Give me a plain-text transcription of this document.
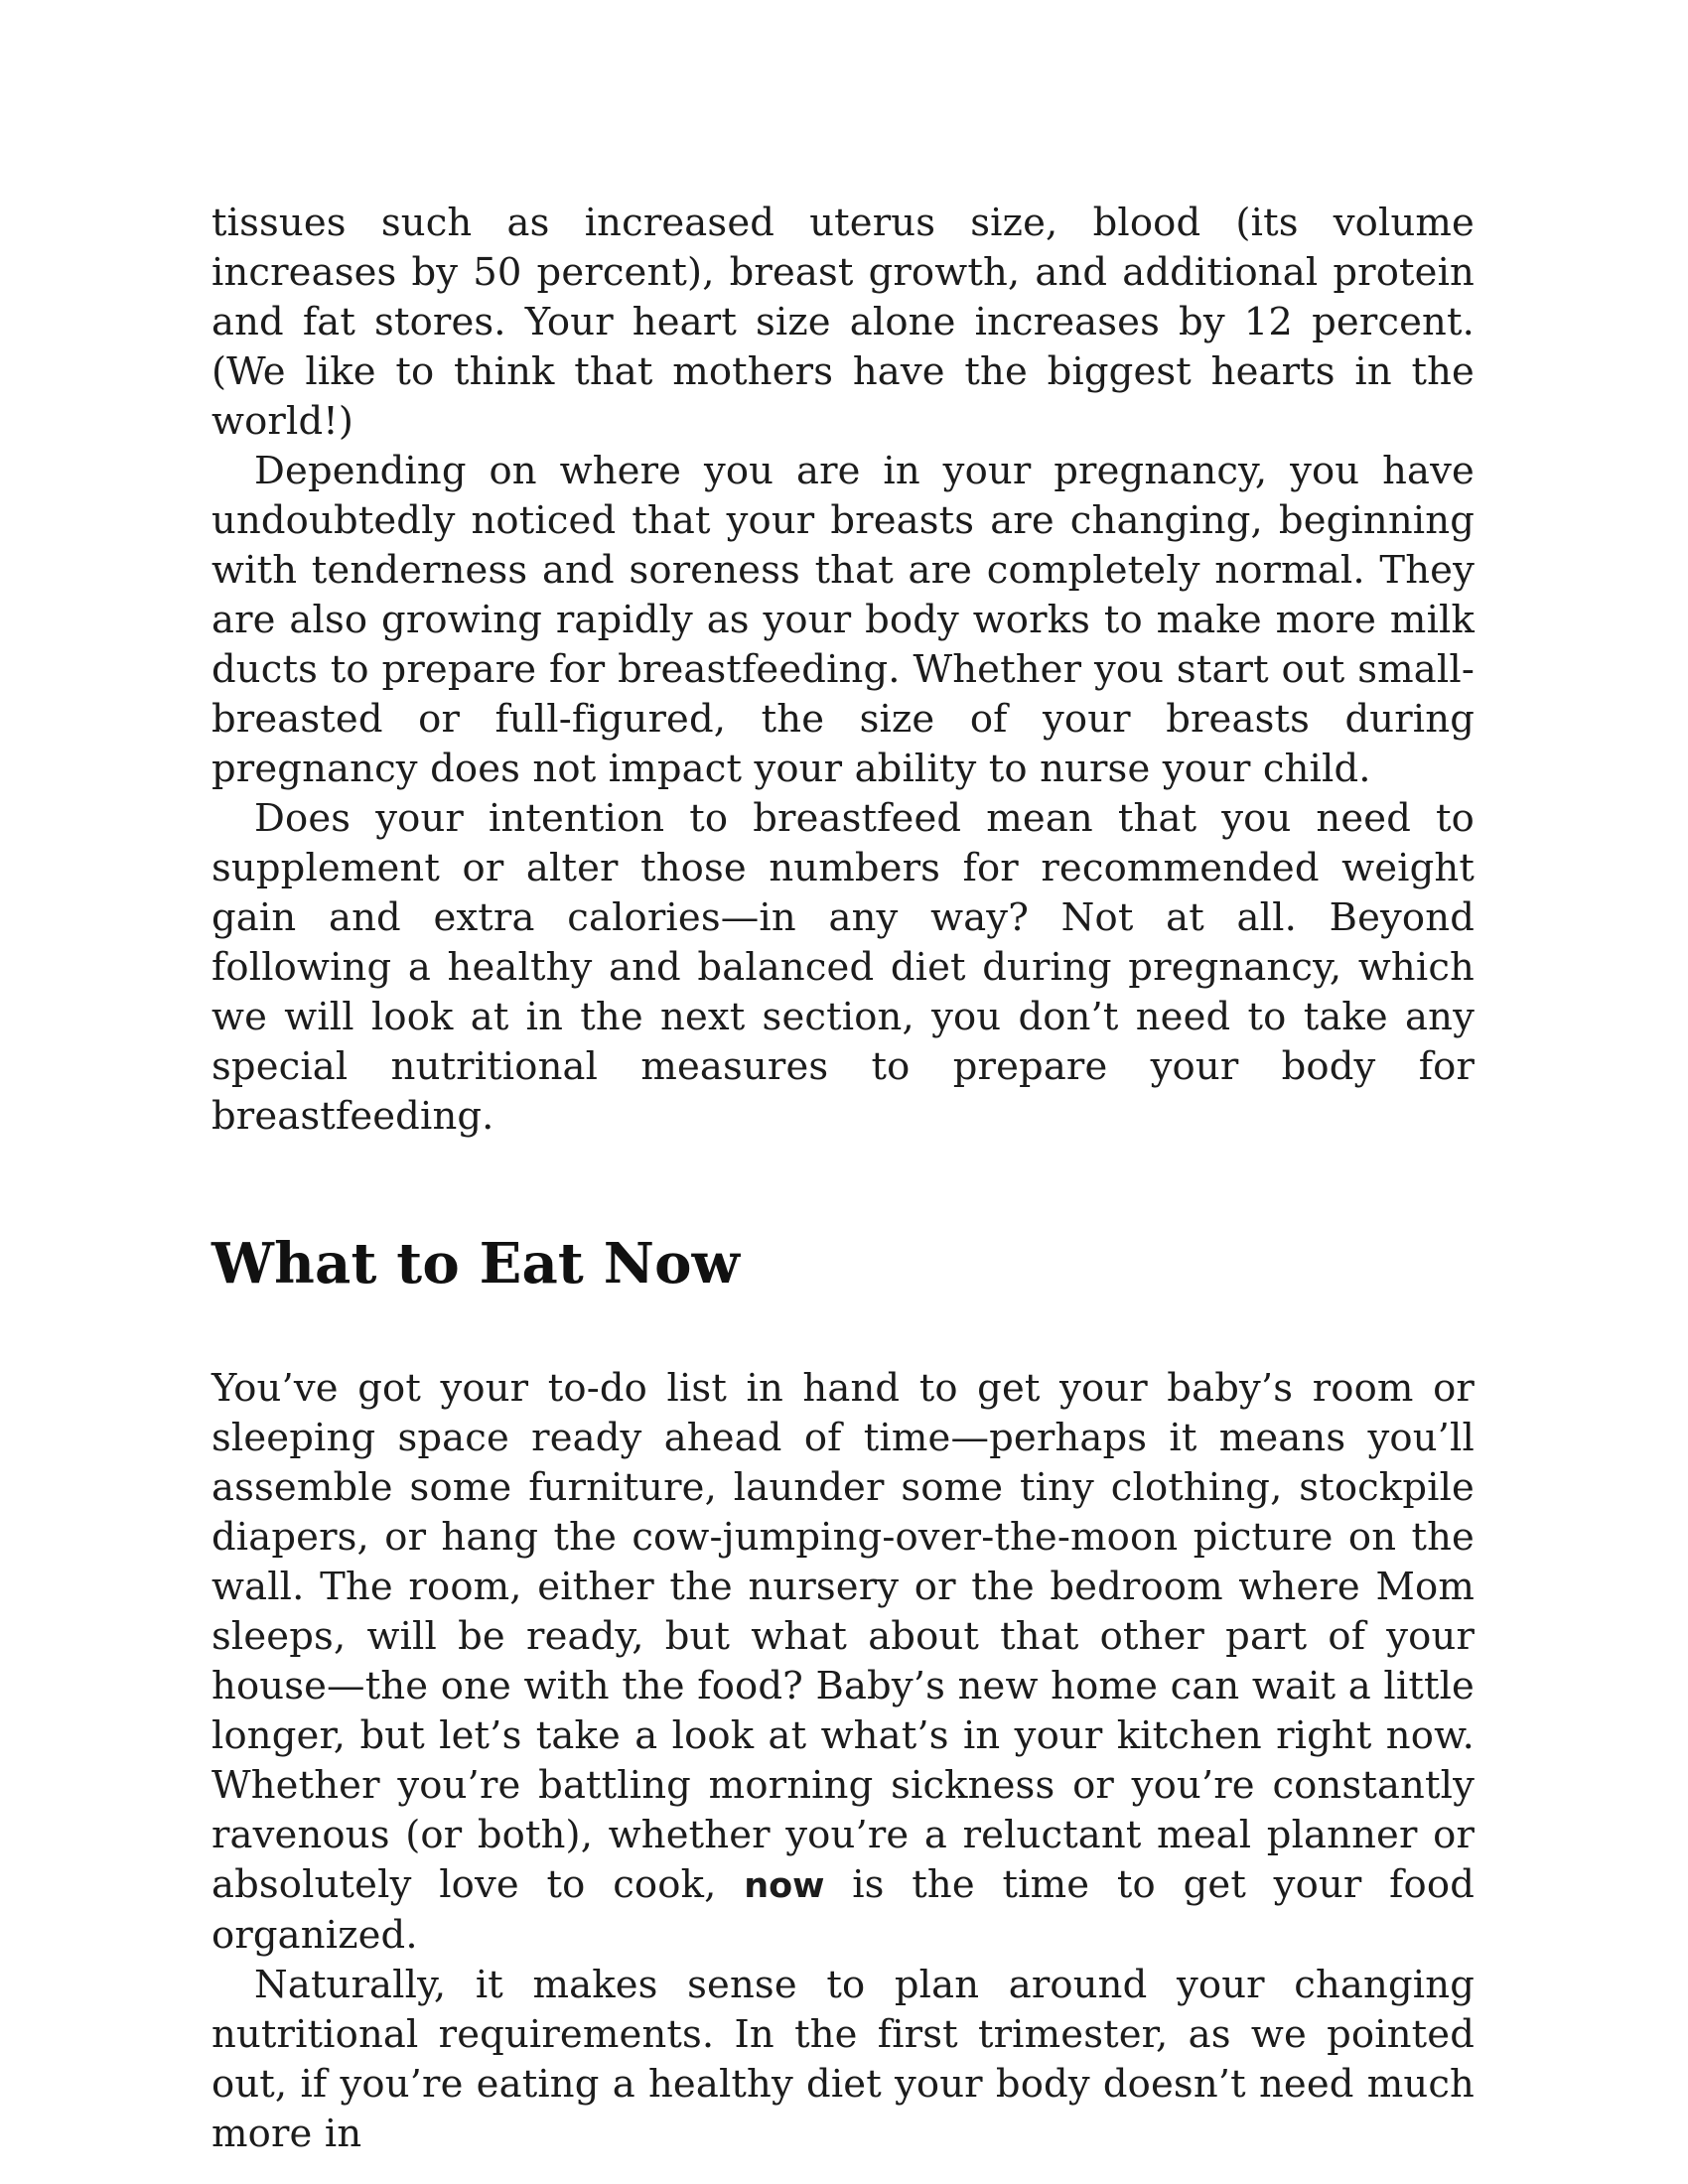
tissues such as increased uterus size, blood (its volume increases by 50 percent), breast growth, and additional protein and fat stores. Your heart size alone increases by 12 percent. (We like to think that mothers have the biggest hearts in the world!)

Depending on where you are in your pregnancy, you have undoubtedly noticed that your breasts are changing, beginning with tenderness and soreness that are completely normal. They are also growing rapidly as your body works to make more milk ducts to prepare for breastfeeding. Whether you start out small-breasted or full-figured, the size of your breasts during pregnancy does not impact your ability to nurse your child.

Does your intention to breastfeed mean that you need to supplement or alter those numbers for recommended weight gain and extra calories—in any way? Not at all. Beyond following a healthy and balanced diet during pregnancy, which we will look at in the next section, you don’t need to take any special nutritional measures to prepare your body for breastfeeding.

What to Eat Now

You’ve got your to-do list in hand to get your baby’s room or sleeping space ready ahead of time—perhaps it means you’ll assemble some furniture, launder some tiny clothing, stockpile diapers, or hang the cow-jumping-over-the-moon picture on the wall. The room, either the nursery or the bedroom where Mom sleeps, will be ready, but what about that other part of your house—the one with the food? Baby’s new home can wait a little longer, but let’s take a look at what’s in your kitchen right now. Whether you’re battling morning sickness or you’re constantly ravenous (or both), whether you’re a reluctant meal planner or absolutely love to cook, now is the time to get your food organized.

Naturally, it makes sense to plan around your changing nutritional requirements. In the first trimester, as we pointed out, if you’re eating a healthy diet your body doesn’t need much more in
